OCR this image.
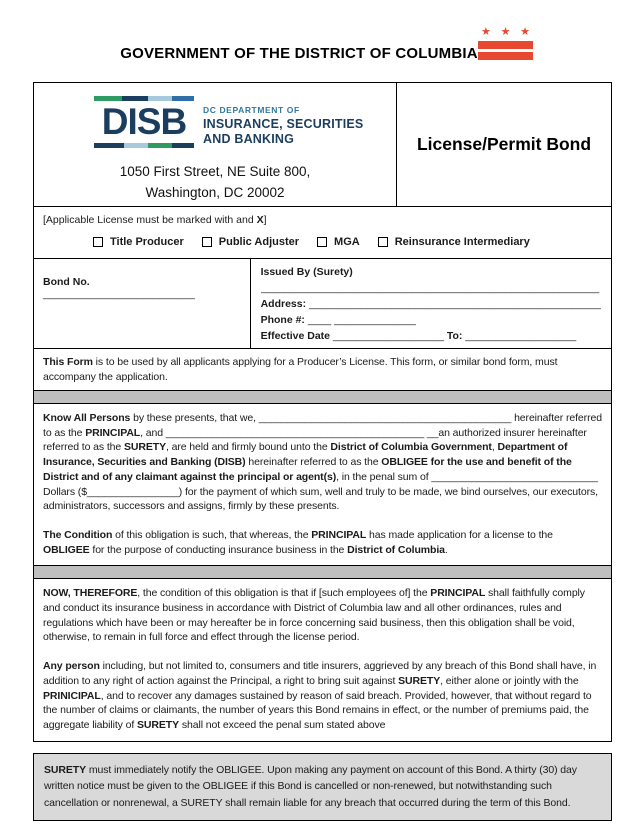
GOVERNMENT OF THE DISTRICT OF COLUMBIA
★ ★ ★
DISB	DC DEPARTMENT OF
INSURANCE, SECURITIES
AND BANKING
1050 First Street, NE Suite 800,
Washington, DC 20002
License/Permit Bond
[Applicable License must be marked with and X]
Title Producer	Public Adjuster	MGA	Reinsurance Intermediary
Bond No. __________________________
Issued By (Surety)
__________________________________________________________
Address: __________________________________________________
Phone #: ____ ______________
Effective Date ___________________ To: ___________________

This Form is to be used by all applicants applying for a Producer’s License. This form, or similar bond form, must accompany the application.

Know All Persons by these presents, that we, ____________________________________________ hereinafter referred to as the PRINCIPAL, and _____________________________________________ __an authorized insurer hereinafter referred to as the SURETY, are held and firmly bound unto the District of Columbia Government, Department of Insurance, Securities and Banking (DISB) hereinafter referred to as the OBLIGEE for the use and benefit of the District and of any claimant against the principal or agent(s), in the penal sum of _____________________________ Dollars ($________________) for the payment of which sum, well and truly to be made, we bind ourselves, our executors, administrators, successors and assigns, firmly by these presents.

The Condition of this obligation is such, that whereas, the PRINCIPAL has made application for a license to the OBLIGEE for the purpose of conducting insurance business in the District of Columbia.

NOW, THEREFORE, the condition of this obligation is that if [such employees of] the PRINCIPAL shall faithfully comply and conduct its insurance business in accordance with District of Columbia law and all other ordinances, rules and regulations which have been or may hereafter be in force concerning said business, then this obligation shall be void, otherwise, to remain in full force and effect through the license period.

Any person including, but not limited to, consumers and title insurers, aggrieved by any breach of this Bond shall have, in addition to any right of action against the Principal, a right to bring suit against SURETY, either alone or jointly with the PRINICIPAL, and to recover any damages sustained by reason of said breach. Provided, however, that without regard to the number of claims or claimants, the number of years this Bond remains in effect, or the number of premiums paid, the aggregate liability of SURETY shall not exceed the penal sum stated above

SURETY must immediately notify the OBLIGEE. Upon making any payment on account of this Bond. A thirty (30) day written notice must be given to the OBLIGEE if this Bond is cancelled or non-renewed, but notwithstanding such cancellation or nonrenewal, a SURETY shall remain liable for any breach that occurred during the term of this Bond.
